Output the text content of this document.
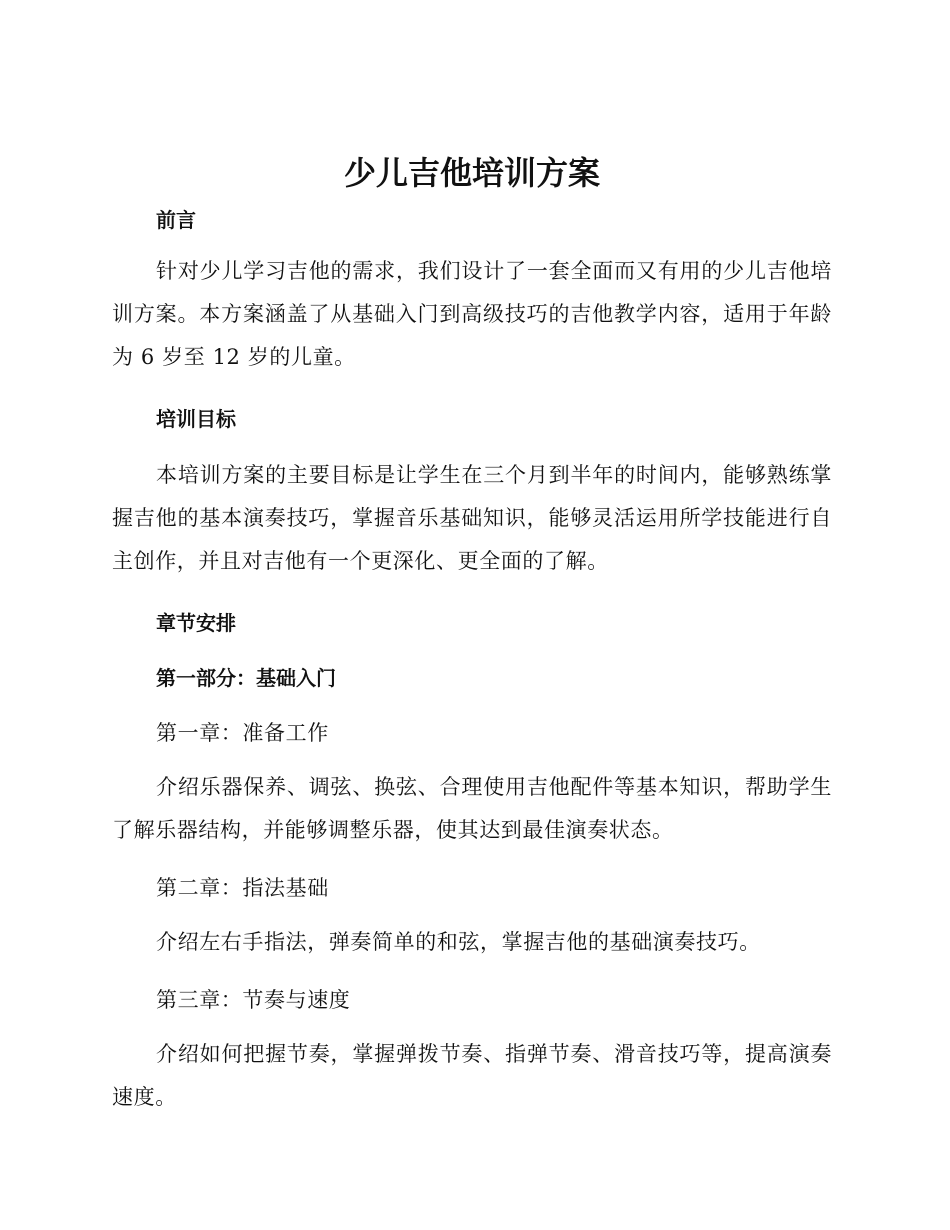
少儿吉他培训方案
前言

针对少儿学习吉他的需求，我们设计了一套全面而又有用的少儿吉他培训方案。本方案涵盖了从基础入门到高级技巧的吉他教学内容，适用于年龄为 6 岁至 12 岁的儿童。

培训目标

本培训方案的主要目标是让学生在三个月到半年的时间内，能够熟练掌握吉他的基本演奏技巧，掌握音乐基础知识，能够灵活运用所学技能进行自主创作，并且对吉他有一个更深化、更全面的了解。

章节安排
第一部分：基础入门

第一章：准备工作

介绍乐器保养、调弦、换弦、合理使用吉他配件等基本知识，帮助学生了解乐器结构，并能够调整乐器，使其达到最佳演奏状态。

第二章：指法基础

介绍左右手指法，弹奏简单的和弦，掌握吉他的基础演奏技巧。

第三章：节奏与速度

介绍如何把握节奏，掌握弹拨节奏、指弹节奏、滑音技巧等，提高演奏速度。
